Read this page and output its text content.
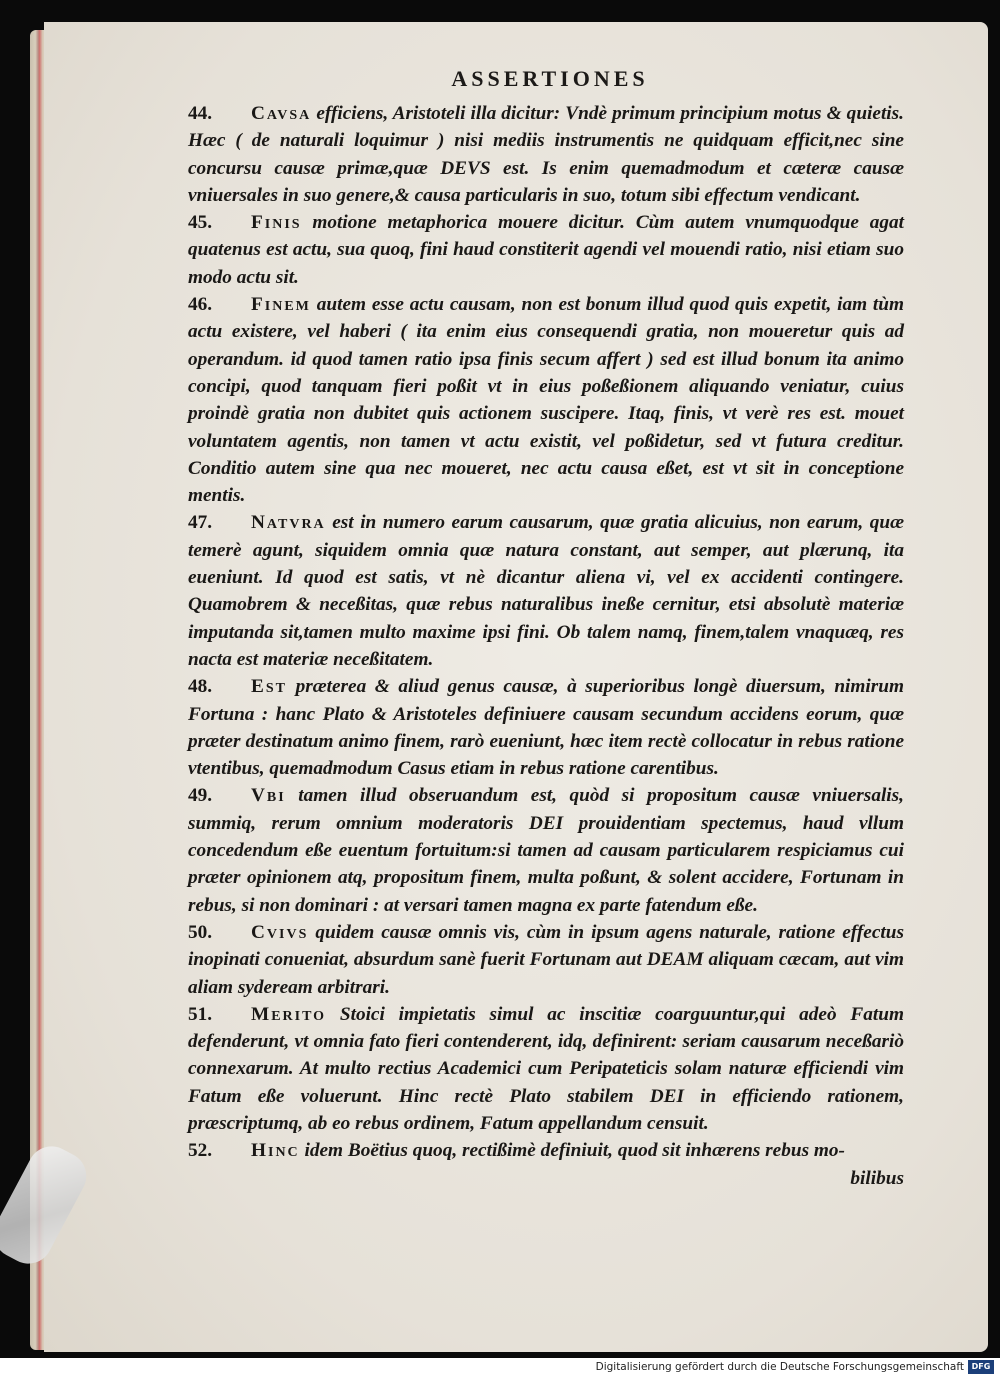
ASSERTIONES

44. Cavsa efficiens, Aristoteli illa dicitur: Vndè primum principium motus & quietis. Hæc ( de naturali loquimur ) nisi mediis instrumentis ne quidquam efficit,nec sine concursu causæ primæ,quæ DEVS est. Is enim quemadmodum et cæteræ causæ vniuersales in suo genere,& causa particularis in suo, totum sibi effectum vendicant.

45. Finis motione metaphorica mouere dicitur. Cùm autem vnumquodque agat quatenus est actu, sua quoq, fini haud constiterit agendi vel mouendi ratio, nisi etiam suo modo actu sit.

46. Finem autem esse actu causam, non est bonum illud quod quis expetit, iam tùm actu existere, vel haberi ( ita enim eius consequendi gratia, non moueretur quis ad operandum. id quod tamen ratio ipsa finis secum affert ) sed est illud bonum ita animo concipi, quod tanquam fieri poßit vt in eius poßeßionem aliquando veniatur, cuius proindè gratia non dubitet quis actionem suscipere. Itaq, finis, vt verè res est. mouet voluntatem agentis, non tamen vt actu existit, vel poßidetur, sed vt futura creditur. Conditio autem sine qua nec moueret, nec actu causa eßet, est vt sit in conceptione mentis.

47. Natvra est in numero earum causarum, quæ gratia alicuius, non earum, quæ temerè agunt, siquidem omnia quæ natura constant, aut semper, aut plærunq, ita eueniunt. Id quod est satis, vt nè dicantur aliena vi, vel ex accidenti contingere. Quamobrem & neceßitas, quæ rebus naturalibus ineße cernitur, etsi absolutè materiæ imputanda sit,tamen multo maxime ipsi fini. Ob talem namq, finem,talem vnaquæq, res nacta est materiæ neceßitatem.

48. Est præterea & aliud genus causæ, à superioribus longè diuersum, nimirum Fortuna : hanc Plato & Aristoteles definiuere causam secundum accidens eorum, quæ præter destinatum animo finem, rarò eueniunt, hæc item rectè collocatur in rebus ratione vtentibus, quemadmodum Casus etiam in rebus ratione carentibus.

49. Vbi tamen illud obseruandum est, quòd si propositum causæ vniuersalis, summiq, rerum omnium moderatoris DEI prouidentiam spectemus, haud vllum concedendum eße euentum fortuitum:si tamen ad causam particularem respiciamus cui præter opinionem atq, propositum finem, multa poßunt, & solent accidere, Fortunam in rebus, si non dominari : at versari tamen magna ex parte fatendum eße.

50. Cvivs quidem causæ omnis vis, cùm in ipsum agens naturale, ratione effectus inopinati conueniat, absurdum sanè fuerit Fortunam aut DEAM aliquam cæcam, aut vim aliam sydeream arbitrari.

51. Merito Stoici impietatis simul ac inscitiæ coarguuntur,qui adeò Fatum defenderunt, vt omnia fato fieri contenderent, idq, definirent: seriam causarum neceßariò connexarum. At multo rectius Academici cum Peripateticis solam naturæ efficiendi vim Fatum eße voluerunt. Hinc rectè Plato stabilem DEI in efficiendo rationem, præscriptumq, ab eo rebus ordinem, Fatum appellandum censuit.

52. Hinc idem Boëtius quoq, rectißimè definiuit, quod sit inhærens rebus mo-

bilibus

Digitalisierung gefördert durch die Deutsche Forschungsgemeinschaft DFG
